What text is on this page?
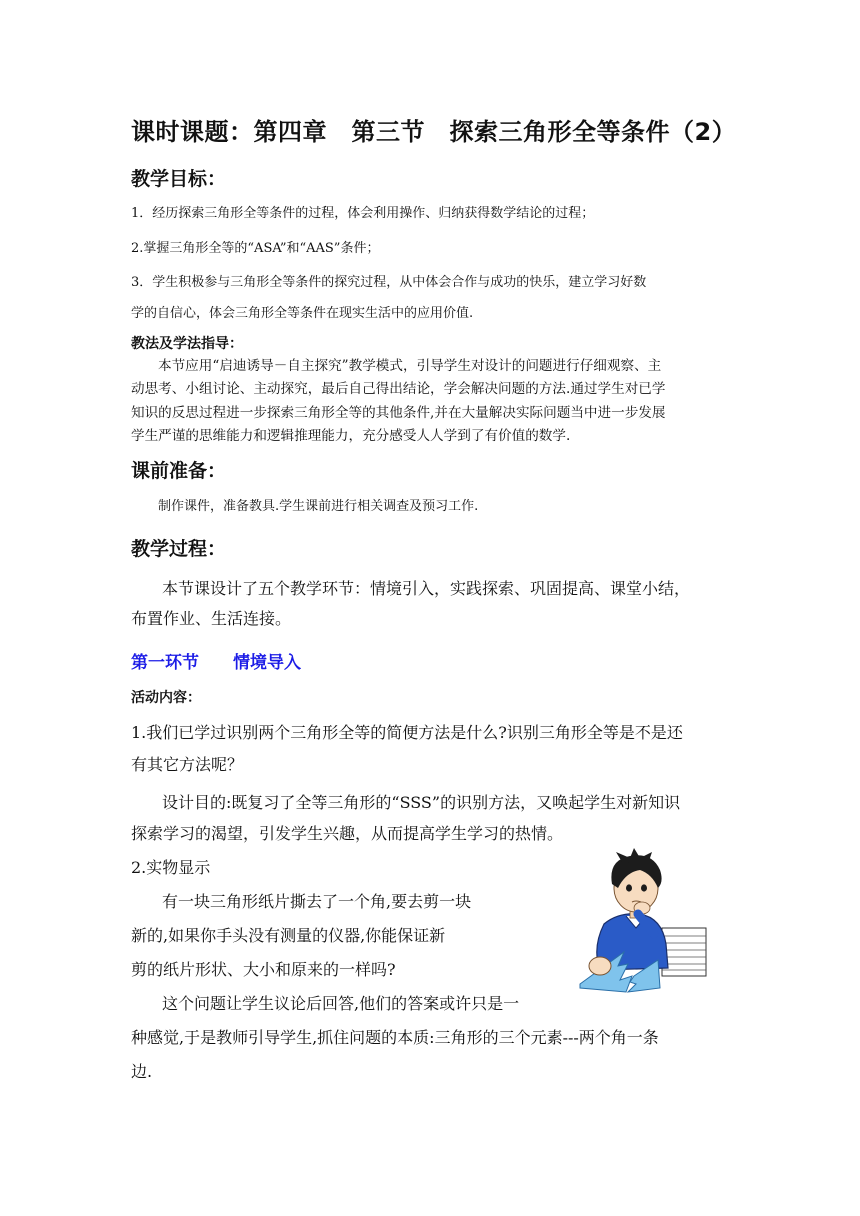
课时课题：第四章　第三节　探索三角形全等条件（2）
教学目标：
1．经历探索三角形全等条件的过程，体会利用操作、归纳获得数学结论的过程；
2.掌握三角形全等的“ASA”和“AAS”条件；
3．学生积极参与三角形全等条件的探究过程，从中体会合作与成功的快乐，建立学习好数
学的自信心，体会三角形全等条件在现实生活中的应用价值.
教法及学法指导：
本节应用“启迪诱导－自主探究”教学模式，引导学生对设计的问题进行仔细观察、主
动思考、小组讨论、主动探究，最后自己得出结论，学会解决问题的方法.通过学生对已学
知识的反思过程进一步探索三角形全等的其他条件,并在大量解决实际问题当中进一步发展
学生严谨的思维能力和逻辑推理能力，充分感受人人学到了有价值的数学.
课前准备：
制作课件，准备教具.学生课前进行相关调查及预习工作.
教学过程：
本节课设计了五个教学环节：情境引入，实践探索、巩固提高、课堂小结，
布置作业、生活连接。
第一环节　　情境导入
活动内容：
1.我们已学过识别两个三角形全等的简便方法是什么?识别三角形全等是不是还
有其它方法呢？
设计目的:既复习了全等三角形的“SSS”的识别方法，又唤起学生对新知识
探索学习的渴望，引发学生兴趣，从而提高学生学习的热情。
2.实物显示
有一块三角形纸片撕去了一个角,要去剪一块
新的,如果你手头没有测量的仪器,你能保证新
剪的纸片形状、大小和原来的一样吗?
这个问题让学生议论后回答,他们的答案或许只是一
种感觉,于是教师引导学生,抓住问题的本质:三角形的三个元素---两个角一条
边.
